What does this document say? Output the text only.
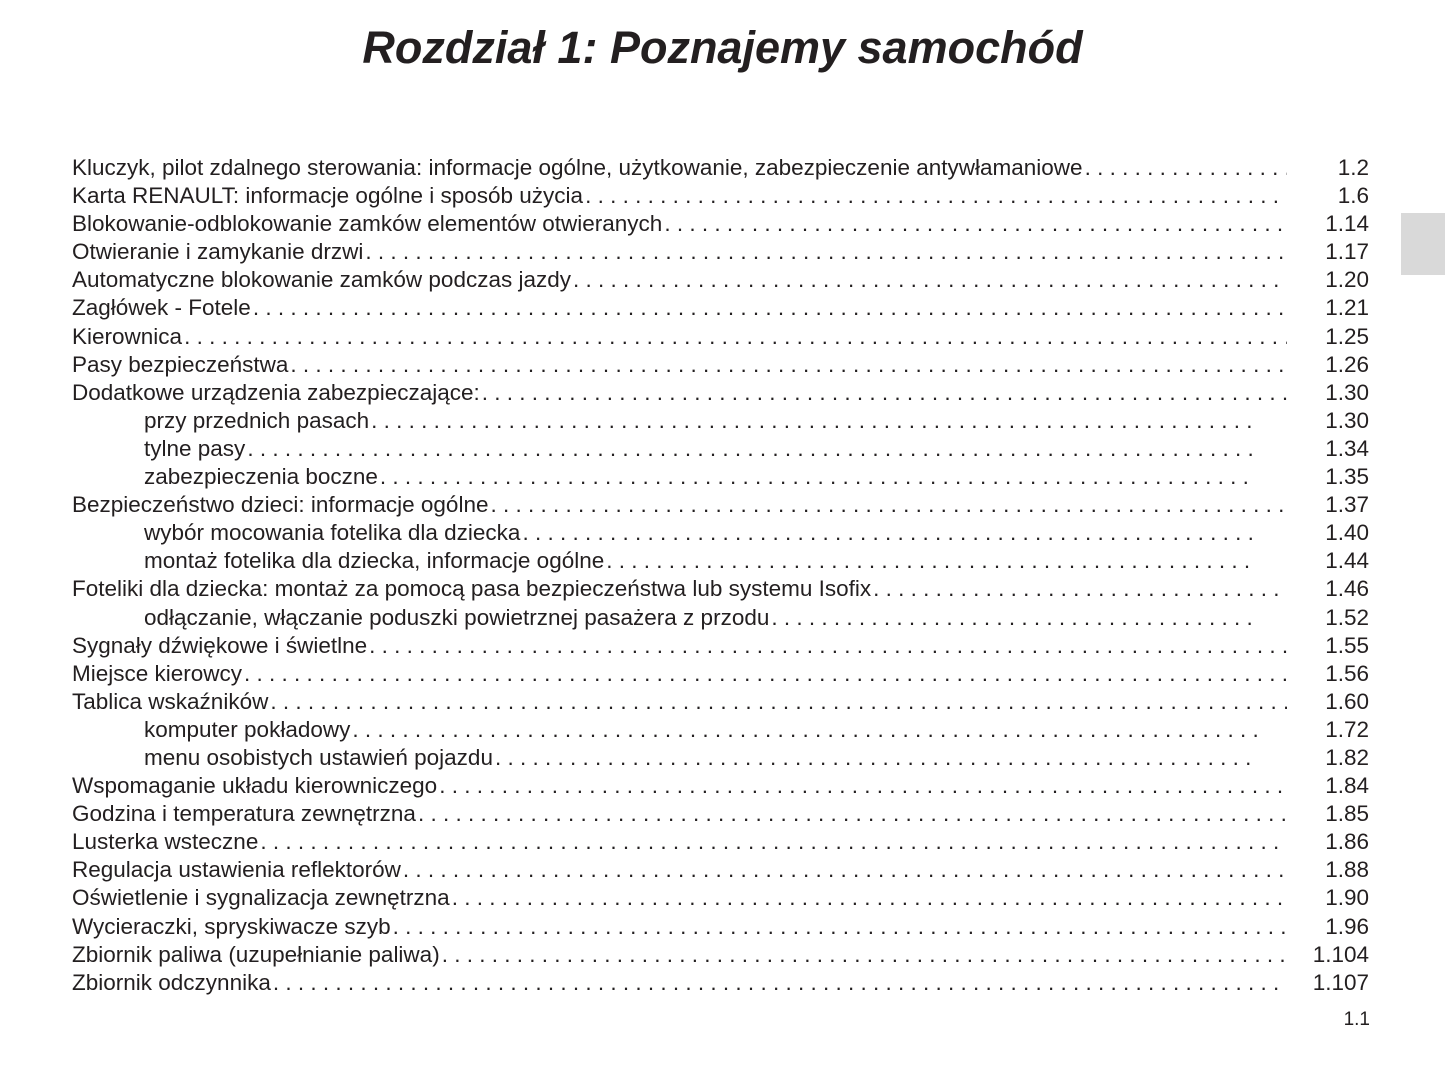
Rozdział 1: Poznajemy samochód
Kluczyk, pilot zdalnego sterowania: informacje ogólne, użytkowanie, zabezpieczenie antywłamaniowe . . .	1.2
Karta RENAULT: informacje ogólne i sposób użycia . . .	1.6
Blokowanie-odblokowanie zamków elementów otwieranych . . .	1.14
Otwieranie i zamykanie drzwi . . .	1.17
Automatyczne blokowanie zamków podczas jazdy . . .	1.20
Zagłówek - Fotele . . .	1.21
Kierownica . . .	1.25
Pasy bezpieczeństwa . . .	1.26
Dodatkowe urządzenia zabezpieczające: . . .	1.30
przy przednich pasach . . .	1.30
tylne pasy . . .	1.34
zabezpieczenia boczne . . .	1.35
Bezpieczeństwo dzieci: informacje ogólne . . .	1.37
wybór mocowania fotelika dla dziecka . . .	1.40
montaż fotelika dla dziecka, informacje ogólne . . .	1.44
Foteliki dla dziecka: montaż za pomocą pasa bezpieczeństwa lub systemu Isofix . . .	1.46
odłączanie, włączanie poduszki powietrznej pasażera z przodu . . .	1.52
Sygnały dźwiękowe i świetlne . . .	1.55
Miejsce kierowcy . . .	1.56
Tablica wskaźników . . .	1.60
komputer pokładowy . . .	1.72
menu osobistych ustawień pojazdu . . .	1.82
Wspomaganie układu kierowniczego . . .	1.84
Godzina i temperatura zewnętrzna . . .	1.85
Lusterka wsteczne . . .	1.86
Regulacja ustawienia reflektorów . . .	1.88
Oświetlenie i sygnalizacja zewnętrzna . . .	1.90
Wycieraczki, spryskiwacze szyb . . .	1.96
Zbiornik paliwa (uzupełnianie paliwa) . . .	1.104
Zbiornik odczynnika . . .	1.107
1.1
